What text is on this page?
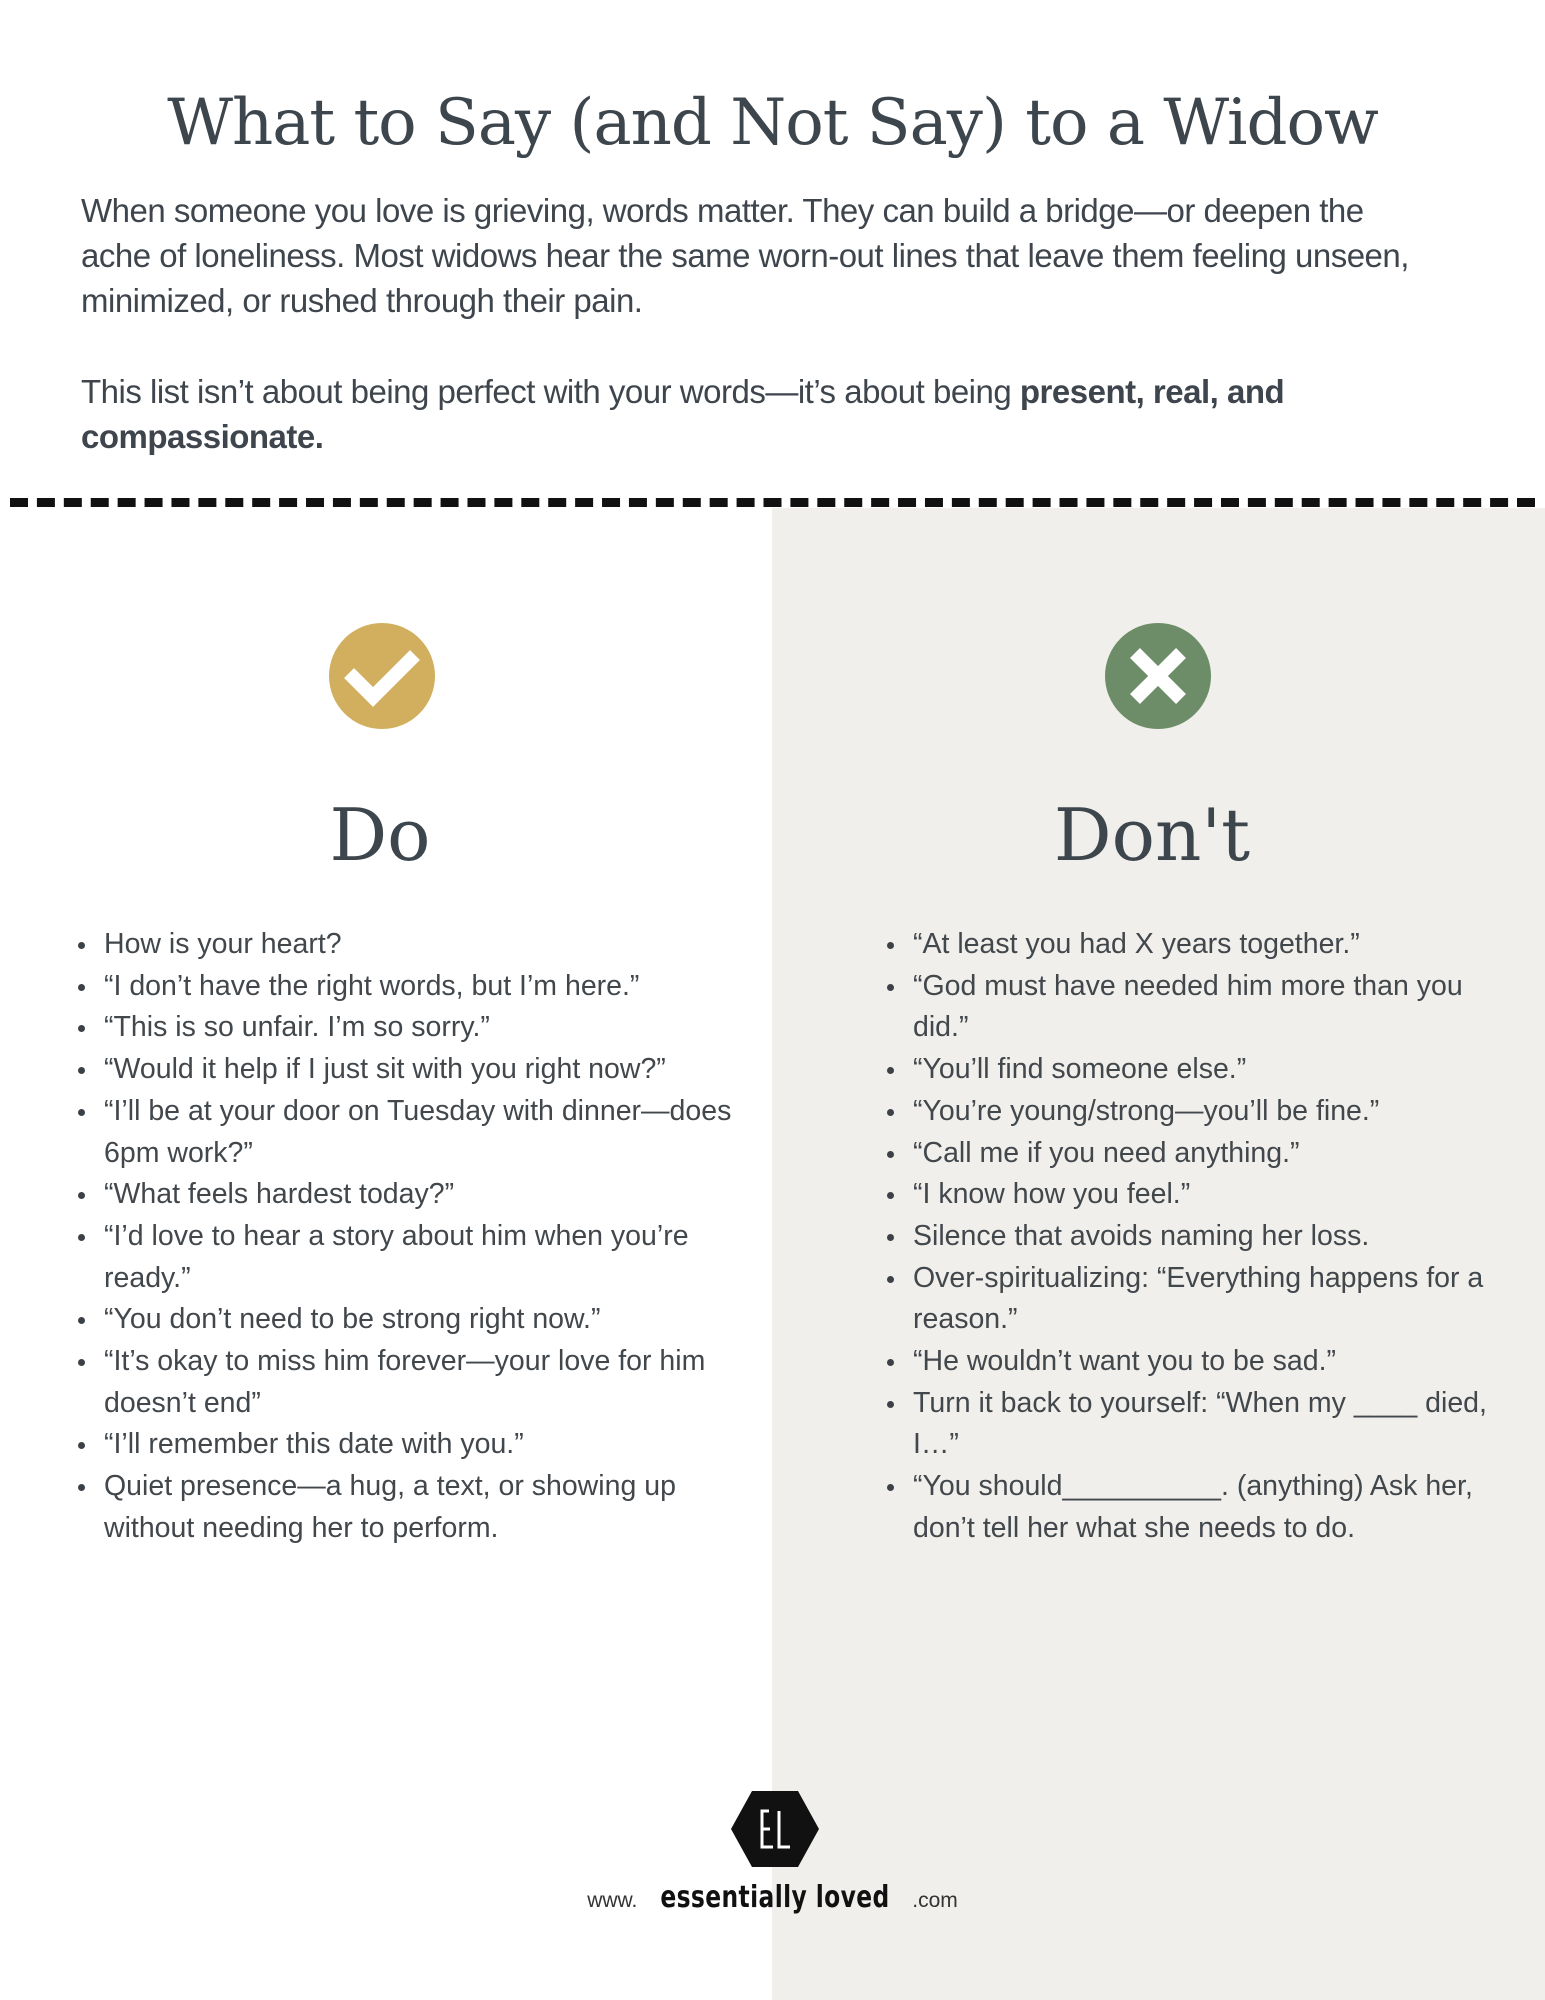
What to Say (and Not Say) to a Widow

When someone you love is grieving, words matter. They can build a bridge—or deepen the ache of loneliness. Most widows hear the same worn-out lines that leave them feeling unseen, minimized, or rushed through their pain.

This list isn’t about being perfect with your words—it’s about being present, real, and compassionate.

Do	Don't
How is your heart?
“I don’t have the right words, but I’m here.”
“This is so unfair. I’m so sorry.”
“Would it help if I just sit with you right now?”
“I’ll be at your door on Tuesday with dinner—does 6pm work?”
“What feels hardest today?”
“I’d love to hear a story about him when you’re ready.”
“You don’t need to be strong right now.”
“It’s okay to miss him forever—your love for him doesn’t end”
“I’ll remember this date with you.”
Quiet presence—a hug, a text, or showing up without needing her to perform.
“At least you had X years together.”
“God must have needed him more than you did.”
“You’ll find someone else.”
“You’re young/strong—you’ll be fine.”
“Call me if you need anything.”
“I know how you feel.”
Silence that avoids naming her loss.
Over-spiritualizing: “Everything happens for a reason.”
“He wouldn’t want you to be sad.”
Turn it back to yourself: “When my ____ died, I…”
“You should__________. (anything) Ask her, don’t tell her what she needs to do.
EL
www. essentially loved .com
